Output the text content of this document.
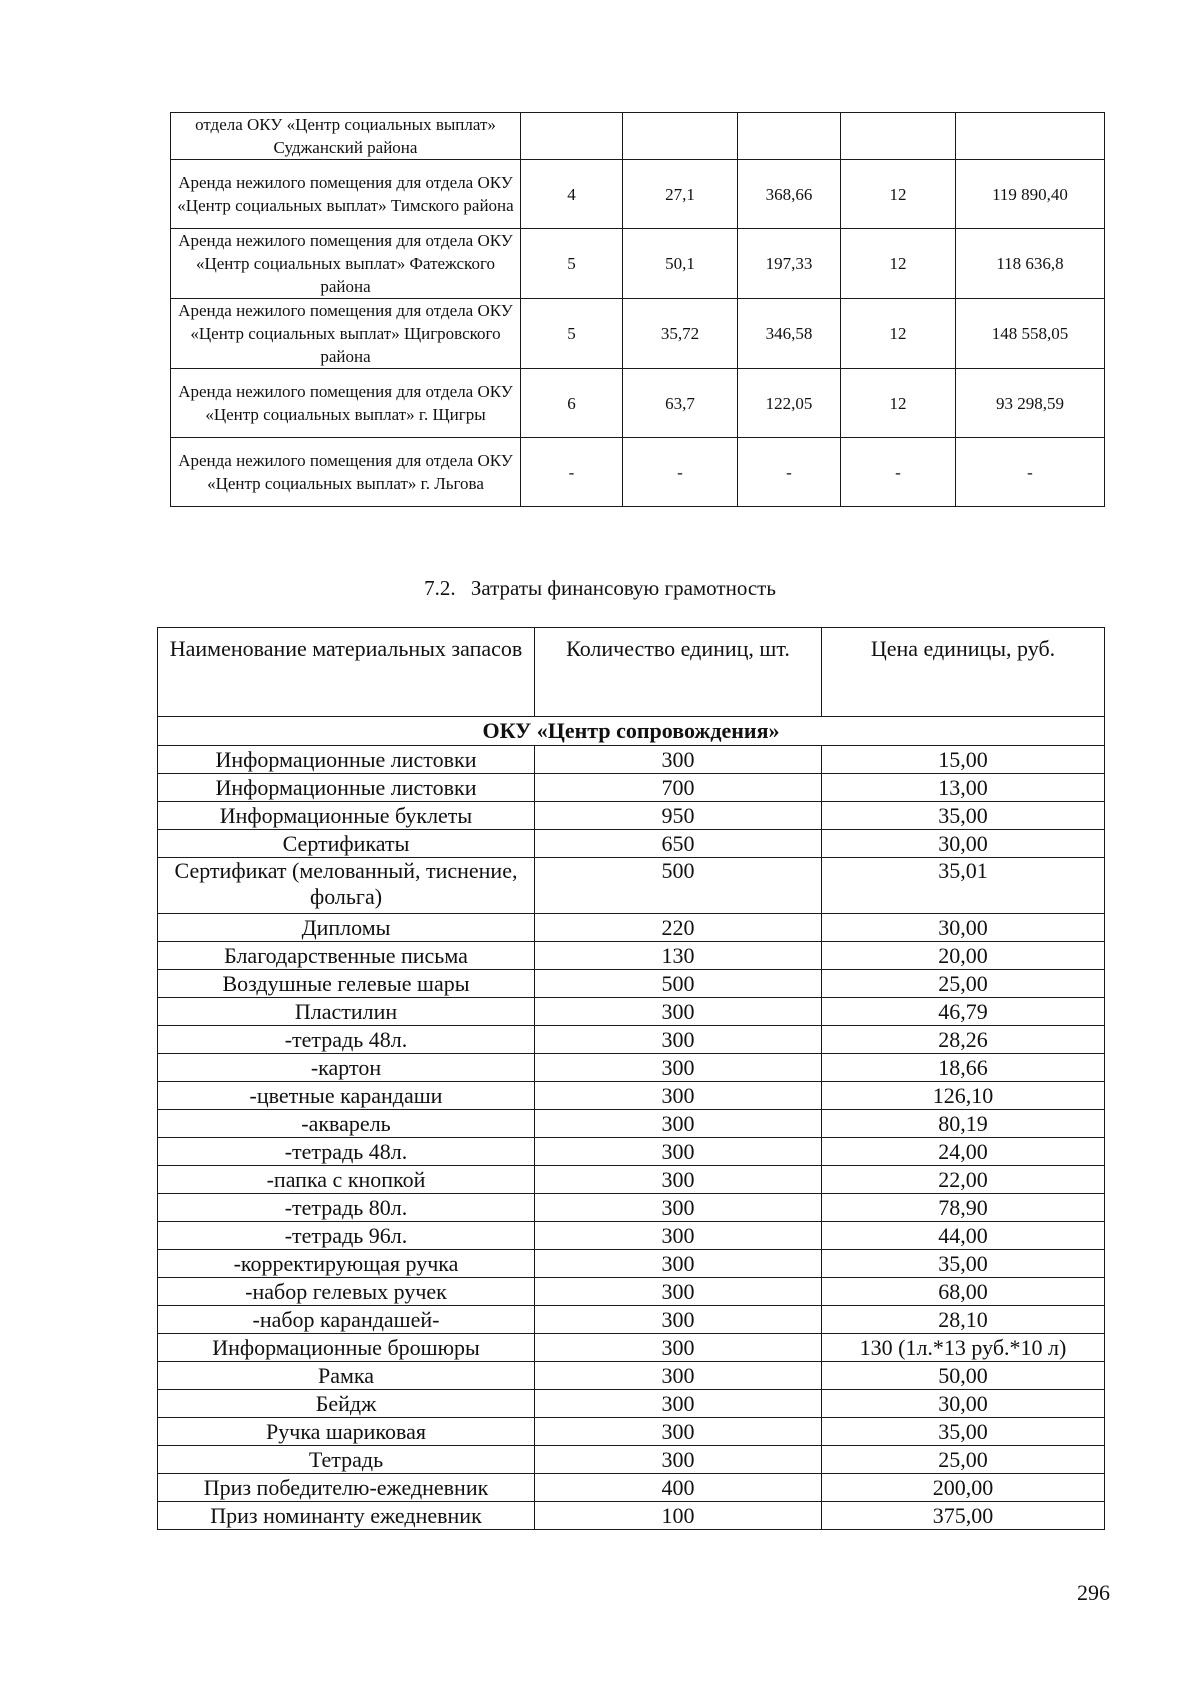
отдела ОКУ «Центр социальных выплат» Суджанский района					
Аренда нежилого помещения для отдела ОКУ «Центр социальных выплат» Тимского района	4	27,1	368,66	12	119 890,40
Аренда нежилого помещения для отдела ОКУ «Центр социальных выплат» Фатежского района	5	50,1	197,33	12	118 636,8
Аренда нежилого помещения для отдела ОКУ «Центр социальных выплат» Щигровского района	5	35,72	346,58	12	148 558,05
Аренда нежилого помещения для отдела ОКУ «Центр социальных выплат» г. Щигры	6	63,7	122,05	12	93 298,59
Аренда нежилого помещения для отдела ОКУ «Центр социальных выплат» г. Льгова	-	-	-	-	-
7.2. Затраты финансовую грамотность
Наименование материальных запасов	Количество единиц, шт.	Цена единицы, руб.
ОКУ «Центр сопровождения»		
Информационные листовки	300	15,00
Информационные листовки	700	13,00
Информационные буклеты	950	35,00
Сертификаты	650	30,00
Сертификат (мелованный, тиснение, фольга)	500	35,01
Дипломы	220	30,00
Благодарственные письма	130	20,00
Воздушные гелевые шары	500	25,00
Пластилин	300	46,79
-тетрадь 48л.	300	28,26
-картон	300	18,66
-цветные карандаши	300	126,10
-акварель	300	80,19
-тетрадь 48л.	300	24,00
-папка с кнопкой	300	22,00
-тетрадь 80л.	300	78,90
-тетрадь 96л.	300	44,00
-корректирующая ручка	300	35,00
-набор гелевых ручек	300	68,00
-набор карандашей-	300	28,10
Информационные брошюры	300	130 (1л.*13 руб.*10 л)
Рамка	300	50,00
Бейдж	300	30,00
Ручка шариковая	300	35,00
Тетрадь	300	25,00
Приз победителю-ежедневник	400	200,00
Приз номинанту ежедневник	100	375,00
296
